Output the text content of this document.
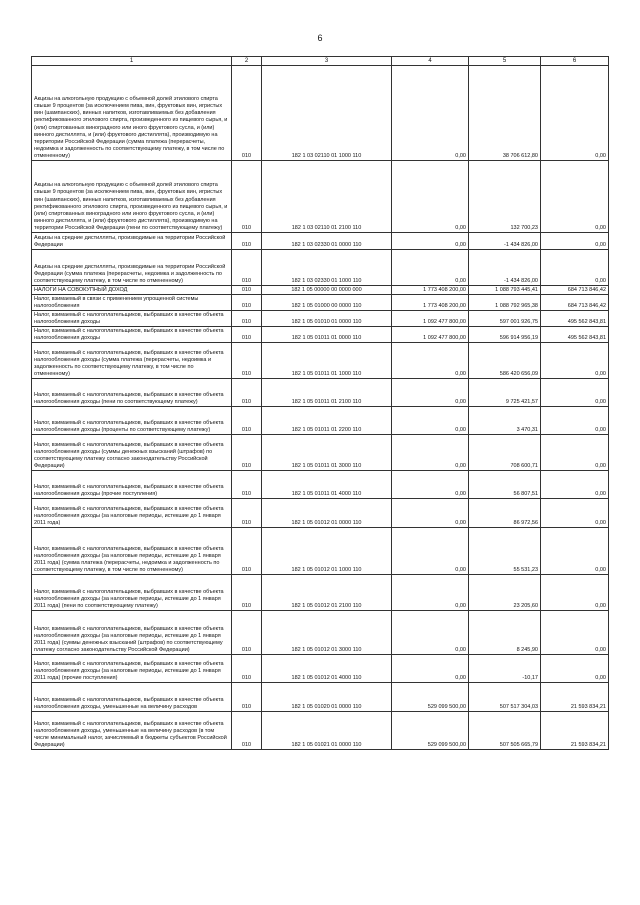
6
1	2	3	4	5	6
Акцизы на алкогольную продукцию с объемной долей этилового спирта свыше 9 процентов (за исключением пива, вин, фруктовых вин, игристых вин (шампанских), винных напитков, изготавливаемых без добавления ректификованного этилового спирта, произведенного из пищевого сырья, и (или) спиртованных виноградного или иного фруктового сусла, и (или) винного дистиллята, и (или) фруктового дистиллята), производимую на территории Российской Федерации (сумма платежа (перерасчеты, недоимка и задолженность по соответствующему платежу, в том числе по отмененному)	010	182 1 03 02110 01 1000 110	0,00	38 706 612,80	0,00
Акцизы на алкогольную продукцию с объемной долей этилового спирта свыше 9 процентов (за исключением пива, вин, фруктовых вин, игристых вин (шампанских), винных напитков, изготавливаемых без добавления ректификованного этилового спирта, произведенного из пищевого сырья, и (или) спиртованных виноградного или иного фруктового сусла, и (или) винного дистиллята, и (или) фруктового дистиллята), производимую на территории Российской Федерации (пени по соответствующему платежу)	010	182 1 03 02110 01 2100 110	0,00	132 700,23	0,00
Акцизы на средние дистилляты, производимые на территории Российской Федерации	010	182 1 03 02330 01 0000 110	0,00	-1 434 826,00	0,00
Акцизы на средние дистилляты, производимые на территории Российской Федерации (сумма платежа (перерасчеты, недоимка и задолженность по соответствующему платежу, в том числе по отмененному)	010	182 1 03 02330 01 1000 110	0,00	-1 434 826,00	0,00
НАЛОГИ НА СОВОКУПНЫЙ ДОХОД	010	182 1 05 00000 00 0000 000	1 773 408 200,00	1 088 793 445,41	684 713 846,42
Налог, взимаемый в связи с применением упрощенной системы налогообложения	010	182 1 05 01000 00 0000 110	1 773 408 200,00	1 088 792 965,38	684 713 846,42
Налог, взимаемый с налогоплательщиков, выбравших в качестве объекта налогообложения доходы	010	182 1 05 01010 01 0000 110	1 092 477 800,00	597 001 926,75	495 562 843,81
Налог, взимаемый с налогоплательщиков, выбравших в качестве объекта налогообложения доходы	010	182 1 05 01011 01 0000 110	1 092 477 800,00	596 914 956,19	495 562 843,81
Налог, взимаемый с налогоплательщиков, выбравших в качестве объекта налогообложения доходы (сумма платежа (перерасчеты, недоимка и задолженность по соответствующему платежу, в том числе по отмененному)	010	182 1 05 01011 01 1000 110	0,00	586 420 656,09	0,00
Налог, взимаемый с налогоплательщиков, выбравших в качестве объекта налогообложения доходы (пени по соответствующему платежу)	010	182 1 05 01011 01 2100 110	0,00	9 725 421,57	0,00
Налог, взимаемый с налогоплательщиков, выбравших в качестве объекта налогообложения доходы (проценты по соответствующему платежу)	010	182 1 05 01011 01 2200 110	0,00	3 470,31	0,00
Налог, взимаемый с налогоплательщиков, выбравших в качестве объекта налогообложения доходы (суммы денежных взысканий (штрафов) по соответствующему платежу согласно законодательству Российской Федерации)	010	182 1 05 01011 01 3000 110	0,00	708 600,71	0,00
Налог, взимаемый с налогоплательщиков, выбравших в качестве объекта налогообложения доходы (прочие поступления)	010	182 1 05 01011 01 4000 110	0,00	56 807,51	0,00
Налог, взимаемый с налогоплательщиков, выбравших в качестве объекта налогообложения доходы (за налоговые периоды, истекшие до 1 января 2011 года)	010	182 1 05 01012 01 0000 110	0,00	86 972,56	0,00
Налог, взимаемый с налогоплательщиков, выбравших в качестве объекта налогообложения доходы (за налоговые периоды, истекшие до 1 января 2011 года) (сумма платежа (перерасчеты, недоимка и задолженность по соответствующему платежу, в том числе по отмененному)	010	182 1 05 01012 01 1000 110	0,00	55 531,23	0,00
Налог, взимаемый с налогоплательщиков, выбравших в качестве объекта налогообложения доходы (за налоговые периоды, истекшие до 1 января 2011 года) (пени по соответствующему платежу)	010	182 1 05 01012 01 2100 110	0,00	23 205,60	0,00
Налог, взимаемый с налогоплательщиков, выбравших в качестве объекта налогообложения доходы (за налоговые периоды, истекшие до 1 января 2011 года) (суммы денежных взысканий (штрафов) по соответствующему платежу согласно законодательству Российской Федерации)	010	182 1 05 01012 01 3000 110	0,00	8 245,90	0,00
Налог, взимаемый с налогоплательщиков, выбравших в качестве объекта налогообложения доходы (за налоговые периоды, истекшие до 1 января 2011 года) (прочие поступления)	010	182 1 05 01012 01 4000 110	0,00	-10,17	0,00
Налог, взимаемый с налогоплательщиков, выбравших в качестве объекта налогообложения доходы, уменьшенные на величину расходов	010	182 1 05 01020 01 0000 110	529 099 500,00	507 517 304,03	21 593 834,21
Налог, взимаемый с налогоплательщиков, выбравших в качестве объекта налогообложения доходы, уменьшенные на величину расходов (в том числе минимальный налог, зачисляемый в бюджеты субъектов Российской Федерации)	010	182 1 05 01021 01 0000 110	529 099 500,00	507 505 665,79	21 593 834,21
